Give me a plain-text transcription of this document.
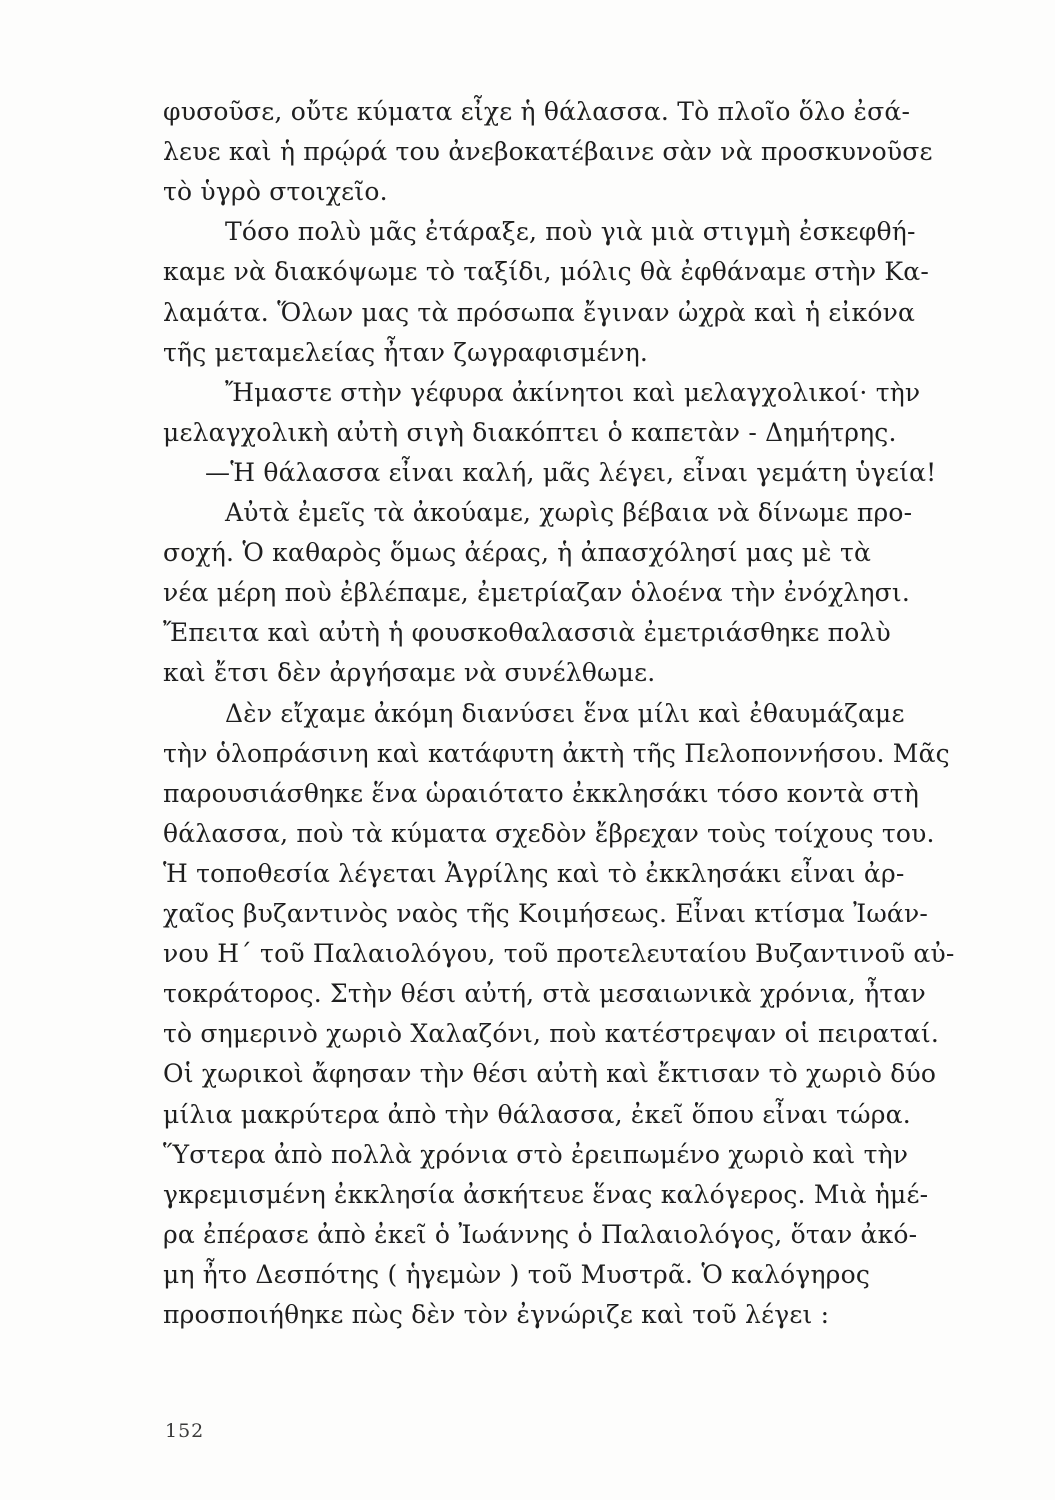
φυσοῦσε, οὔτε κύματα εἶχε ἡ θάλασσα. Τὸ πλοῖο ὅλο ἐσά-
λευε καὶ ἡ πρῴρά του ἀνεβοκατέβαινε σὰν νὰ προσκυνοῦσε
τὸ ὑγρὸ στοιχεῖο.
Τόσο πολὺ μᾶς ἐτάραξε, ποὺ γιὰ μιὰ στιγμὴ ἐσκεφθή-
καμε νὰ διακόψωμε τὸ ταξίδι, μόλις θὰ ἐφθάναμε στὴν Κα-
λαμάτα. Ὅλων μας τὰ πρόσωπα ἔγιναν ὠχρὰ καὶ ἡ εἰκόνα
τῆς μεταμελείας ἦταν ζωγραφισμένη.
Ἤμαστε στὴν γέφυρα ἀκίνητοι καὶ μελαγχολικοί· τὴν
μελαγχολικὴ αὐτὴ σιγὴ διακόπτει ὁ καπετὰν - Δημήτρης.
—Ἡ θάλασσα εἶναι καλή, μᾶς λέγει, εἶναι γεμάτη ὑγεία!
Αὐτὰ ἐμεῖς τὰ ἀκούαμε, χωρὶς βέβαια νὰ δίνωμε προ-
σοχή. Ὁ καθαρὸς ὅμως ἀέρας, ἡ ἀπασχόλησί μας μὲ τὰ
νέα μέρη ποὺ ἐβλέπαμε, ἐμετρίαζαν ὁλοένα τὴν ἐνόχλησι.
Ἔπειτα καὶ αὐτὴ ἡ φουσκοθαλασσιὰ ἐμετριάσθηκε πολὺ
καὶ ἔτσι δὲν ἀργήσαμε νὰ συνέλθωμε.
Δὲν εἴχαμε ἀκόμη διανύσει ἕνα μίλι καὶ ἐθαυμάζαμε
τὴν ὁλοπράσινη καὶ κατάφυτη ἀκτὴ τῆς Πελοποννήσου. Μᾶς
παρουσιάσθηκε ἕνα ὡραιότατο ἐκκλησάκι τόσο κοντὰ στὴ
θάλασσα, ποὺ τὰ κύματα σχεδὸν ἔβρεχαν τοὺς τοίχους του.
Ἡ τοποθεσία λέγεται Ἀγρίλης καὶ τὸ ἐκκλησάκι εἶναι ἀρ-
χαῖος βυζαντινὸς ναὸς τῆς Κοιμήσεως. Εἶναι κτίσμα Ἰωάν-
νου Η΄ τοῦ Παλαιολόγου, τοῦ προτελευταίου Βυζαντινοῦ αὐ-
τοκράτορος. Στὴν θέσι αὐτή, στὰ μεσαιωνικὰ χρόνια, ἦταν
τὸ σημερινὸ χωριὸ Χαλαζόνι, ποὺ κατέστρεψαν οἱ πειραταί.
Οἱ χωρικοὶ ἄφησαν τὴν θέσι αὐτὴ καὶ ἔκτισαν τὸ χωριὸ δύο
μίλια μακρύτερα ἀπὸ τὴν θάλασσα, ἐκεῖ ὅπου εἶναι τώρα.
Ὕστερα ἀπὸ πολλὰ χρόνια στὸ ἐρειπωμένο χωριὸ καὶ τὴν
γκρεμισμένη ἐκκλησία ἀσκήτευε ἕνας καλόγερος. Μιὰ ἡμέ-
ρα ἐπέρασε ἀπὸ ἐκεῖ ὁ Ἰωάννης ὁ Παλαιολόγος, ὅταν ἀκό-
μη ἦτο Δεσπότης ( ἡγεμὼν ) τοῦ Μυστρᾶ. Ὁ καλόγηρος
προσποιήθηκε πὼς δὲν τὸν ἐγνώριζε καὶ τοῦ λέγει :
152
